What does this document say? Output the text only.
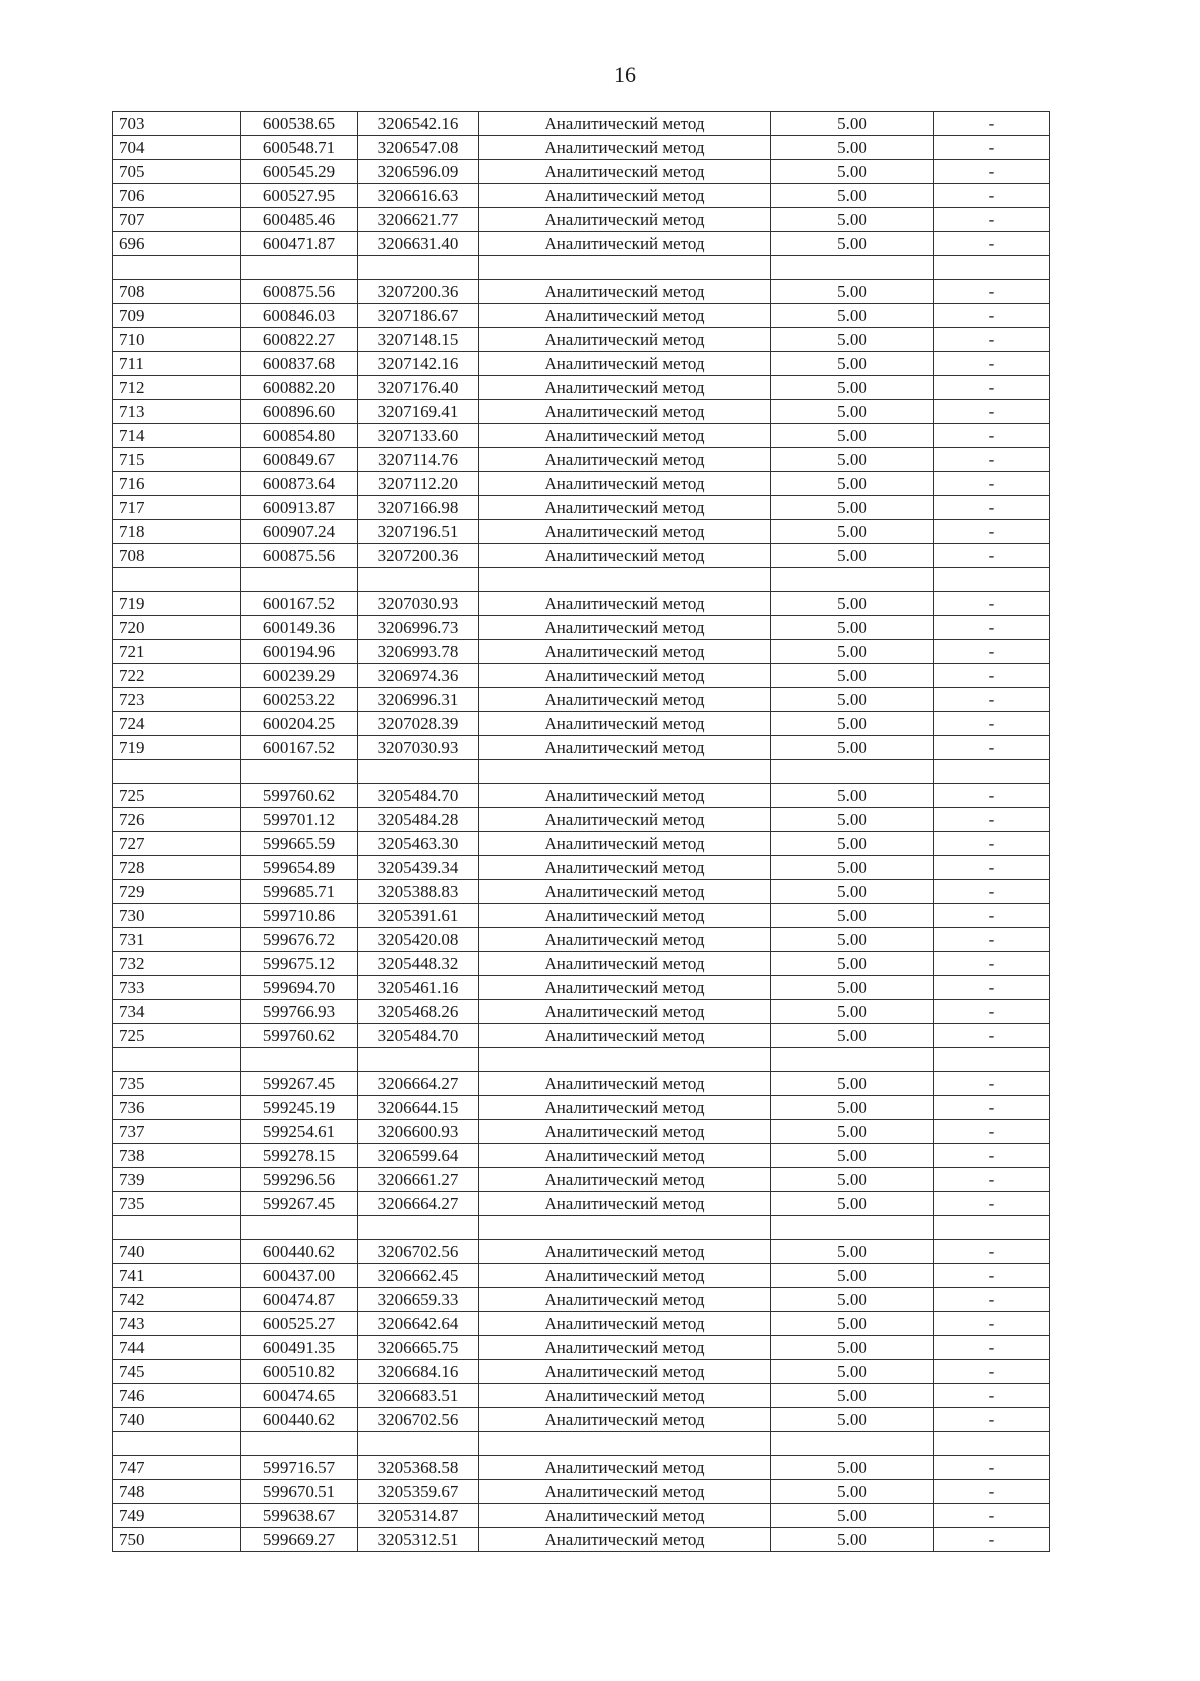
16
703	600538.65	3206542.16	Аналитический метод	5.00	-
704	600548.71	3206547.08	Аналитический метод	5.00	-
705	600545.29	3206596.09	Аналитический метод	5.00	-
706	600527.95	3206616.63	Аналитический метод	5.00	-
707	600485.46	3206621.77	Аналитический метод	5.00	-
696	600471.87	3206631.40	Аналитический метод	5.00	-

708	600875.56	3207200.36	Аналитический метод	5.00	-
709	600846.03	3207186.67	Аналитический метод	5.00	-
710	600822.27	3207148.15	Аналитический метод	5.00	-
711	600837.68	3207142.16	Аналитический метод	5.00	-
712	600882.20	3207176.40	Аналитический метод	5.00	-
713	600896.60	3207169.41	Аналитический метод	5.00	-
714	600854.80	3207133.60	Аналитический метод	5.00	-
715	600849.67	3207114.76	Аналитический метод	5.00	-
716	600873.64	3207112.20	Аналитический метод	5.00	-
717	600913.87	3207166.98	Аналитический метод	5.00	-
718	600907.24	3207196.51	Аналитический метод	5.00	-
708	600875.56	3207200.36	Аналитический метод	5.00	-

719	600167.52	3207030.93	Аналитический метод	5.00	-
720	600149.36	3206996.73	Аналитический метод	5.00	-
721	600194.96	3206993.78	Аналитический метод	5.00	-
722	600239.29	3206974.36	Аналитический метод	5.00	-
723	600253.22	3206996.31	Аналитический метод	5.00	-
724	600204.25	3207028.39	Аналитический метод	5.00	-
719	600167.52	3207030.93	Аналитический метод	5.00	-

725	599760.62	3205484.70	Аналитический метод	5.00	-
726	599701.12	3205484.28	Аналитический метод	5.00	-
727	599665.59	3205463.30	Аналитический метод	5.00	-
728	599654.89	3205439.34	Аналитический метод	5.00	-
729	599685.71	3205388.83	Аналитический метод	5.00	-
730	599710.86	3205391.61	Аналитический метод	5.00	-
731	599676.72	3205420.08	Аналитический метод	5.00	-
732	599675.12	3205448.32	Аналитический метод	5.00	-
733	599694.70	3205461.16	Аналитический метод	5.00	-
734	599766.93	3205468.26	Аналитический метод	5.00	-
725	599760.62	3205484.70	Аналитический метод	5.00	-

735	599267.45	3206664.27	Аналитический метод	5.00	-
736	599245.19	3206644.15	Аналитический метод	5.00	-
737	599254.61	3206600.93	Аналитический метод	5.00	-
738	599278.15	3206599.64	Аналитический метод	5.00	-
739	599296.56	3206661.27	Аналитический метод	5.00	-
735	599267.45	3206664.27	Аналитический метод	5.00	-

740	600440.62	3206702.56	Аналитический метод	5.00	-
741	600437.00	3206662.45	Аналитический метод	5.00	-
742	600474.87	3206659.33	Аналитический метод	5.00	-
743	600525.27	3206642.64	Аналитический метод	5.00	-
744	600491.35	3206665.75	Аналитический метод	5.00	-
745	600510.82	3206684.16	Аналитический метод	5.00	-
746	600474.65	3206683.51	Аналитический метод	5.00	-
740	600440.62	3206702.56	Аналитический метод	5.00	-

747	599716.57	3205368.58	Аналитический метод	5.00	-
748	599670.51	3205359.67	Аналитический метод	5.00	-
749	599638.67	3205314.87	Аналитический метод	5.00	-
750	599669.27	3205312.51	Аналитический метод	5.00	-
